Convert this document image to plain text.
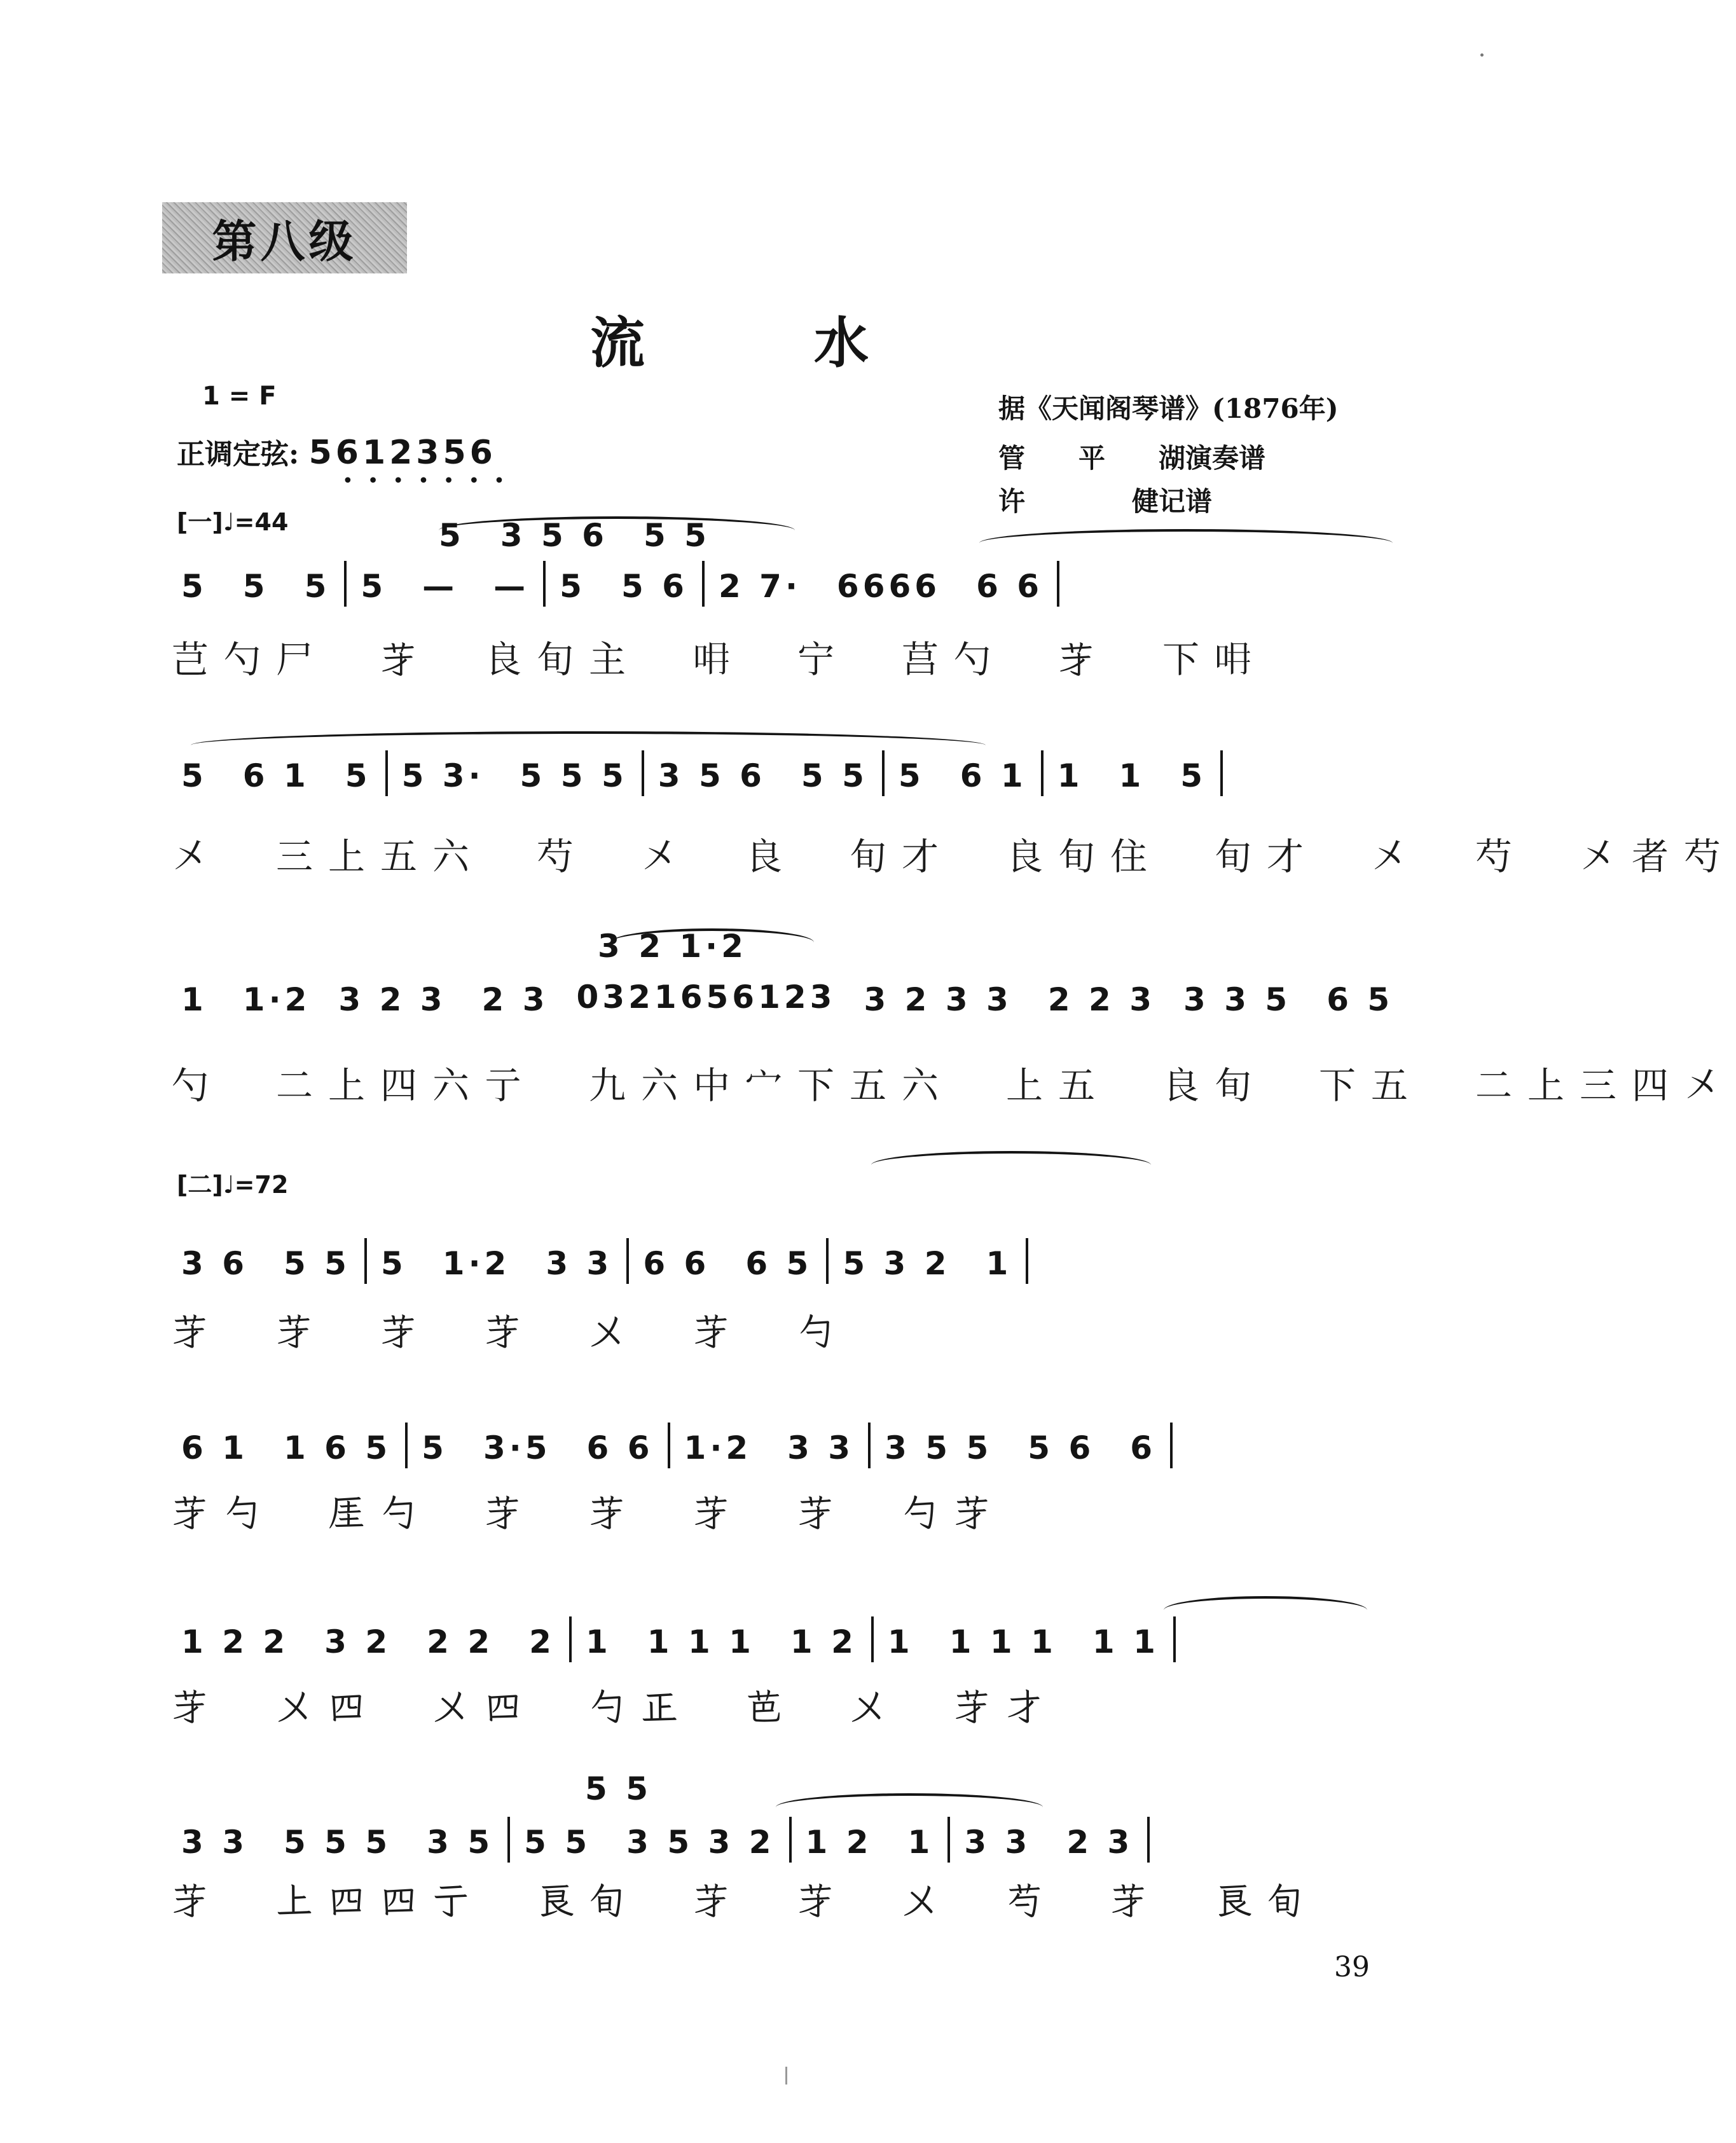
第八级
流　水
1 = F
正调定弦: 5612356
•••••••
据《天闻阁琴谱》(1876年)
管　　平　　湖演奏谱
许　　　　健记谱
[一]♩=44
[二]♩=72
5　3 5 6　5 5
5　5　5 5　—　— 5　5 6 2 7·　6666　6 6
芑勺尸　𦬁　良旬主　𠯍　宁　莒勺　𦬁　下𠯍
5　6 1　5 5 3·　5 5 5 3 5 6　5 5 5　6 1 1　1　5
㐅　三上五六　芍　㐅　良　旬才　良旬住　旬才　㐅　芍　㐅者芍
3 2 1·2
1　1·2 3 2 3　2 3 0321656123 3 2 3 3　2 2 3 3 3 5　6 5
勺　二上四六亍　九六中宀下五六　上五　良旬　下五　二上三四㐅
3 6　5 5 5　1·2　3 3 6 6　6 5 5 3 2　1
𦬁　𦬁　𦬁　𦬁　㐅　𦬁　勺
6 1　1 6 5 5　3·5　6 6 1·2　3 3 3 5 5　5 6　6
𦬁勺　厓勺　𦬁　𦬁　𦬁　𦬁　勺𦬁
1 2 2　3 2　2 2　2 1　1 1 1　1 2 1　1 1 1　1 1
𦬁　㐅四　㐅四　勺正　芭　㐅　𦬁才
5 5
3 3　5 5 5　3 5 5 5　3 5 3 2 1 2　1 3 3　2 3
𦬁　上四四亍　良旬　𦬁　𦬁　㐅　芍　𦬁　良旬
39
